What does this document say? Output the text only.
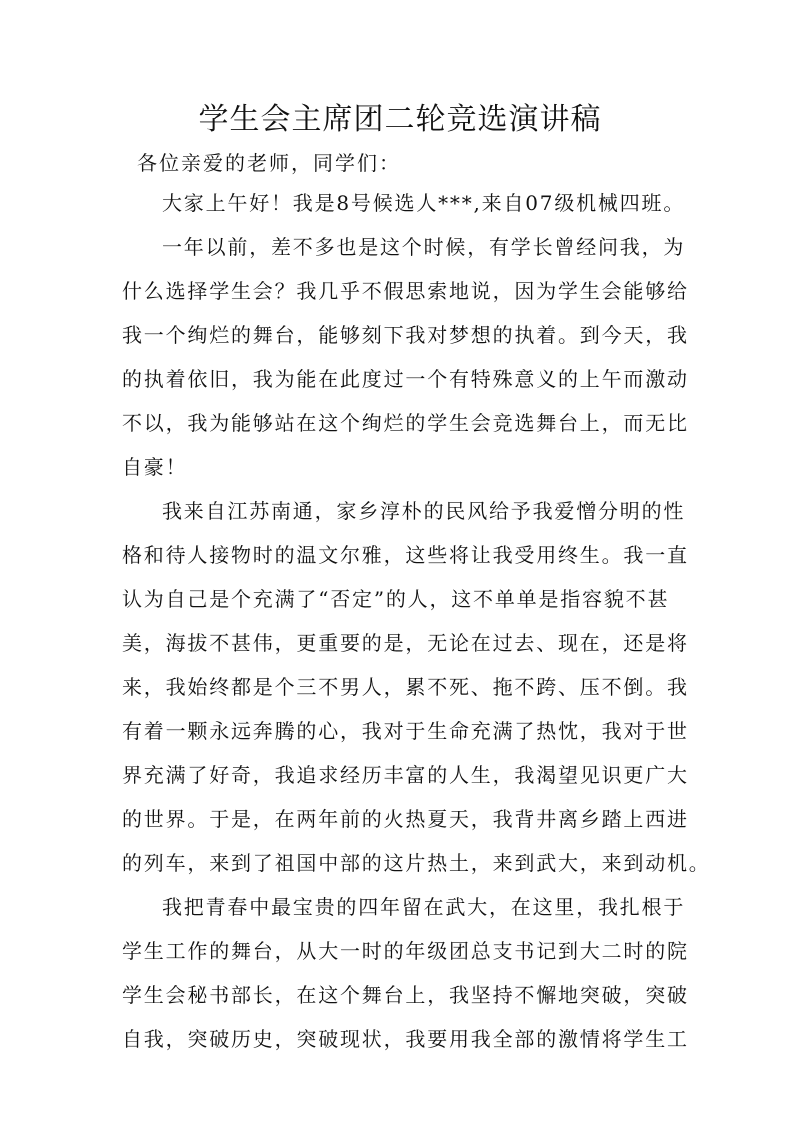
学生会主席团二轮竞选演讲稿

各位亲爱的老师，同学们：

大家上午好！我是8号候选人***,来自07级机械四班。

一年以前，差不多也是这个时候，有学长曾经问我，为

什么选择学生会？我几乎不假思索地说，因为学生会能够给

我一个绚烂的舞台，能够刻下我对梦想的执着。到今天，我

的执着依旧，我为能在此度过一个有特殊意义的上午而激动

不以，我为能够站在这个绚烂的学生会竞选舞台上，而无比

自豪！

我来自江苏南通，家乡淳朴的民风给予我爱憎分明的性

格和待人接物时的温文尔雅，这些将让我受用终生。我一直

认为自己是个充满了“否定”的人，这不单单是指容貌不甚

美，海拔不甚伟，更重要的是，无论在过去、现在，还是将

来，我始终都是个三不男人，累不死、拖不跨、压不倒。我

有着一颗永远奔腾的心，我对于生命充满了热忱，我对于世

界充满了好奇，我追求经历丰富的人生，我渴望见识更广大

的世界。于是，在两年前的火热夏天，我背井离乡踏上西进

的列车，来到了祖国中部的这片热土，来到武大，来到动机。

我把青春中最宝贵的四年留在武大，在这里，我扎根于

学生工作的舞台，从大一时的年级团总支书记到大二时的院

学生会秘书部长，在这个舞台上，我坚持不懈地突破，突破

自我，突破历史，突破现状，我要用我全部的激情将学生工
